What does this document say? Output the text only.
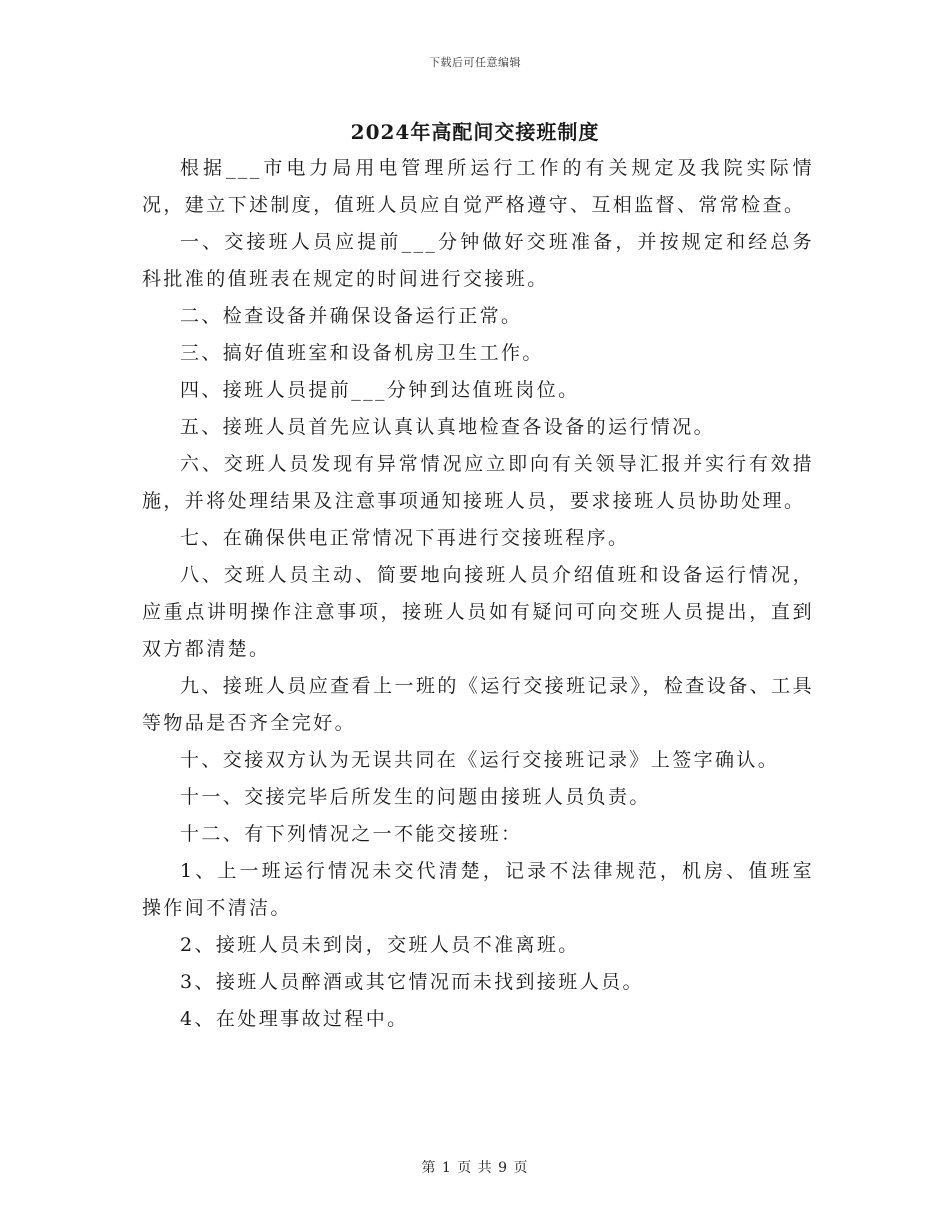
下载后可任意编辑
2024年高配间交接班制度

根据___市电力局用电管理所运行工作的有关规定及我院实际情况，建立下述制度，值班人员应自觉严格遵守、互相监督、常常检查。

一、交接班人员应提前___分钟做好交班准备，并按规定和经总务科批准的值班表在规定的时间进行交接班。

二、检查设备并确保设备运行正常。

三、搞好值班室和设备机房卫生工作。

四、接班人员提前___分钟到达值班岗位。

五、接班人员首先应认真认真地检查各设备的运行情况。

六、交班人员发现有异常情况应立即向有关领导汇报并实行有效措施，并将处理结果及注意事项通知接班人员，要求接班人员协助处理。

七、在确保供电正常情况下再进行交接班程序。

八、交班人员主动、简要地向接班人员介绍值班和设备运行情况，应重点讲明操作注意事项，接班人员如有疑问可向交班人员提出，直到双方都清楚。

九、接班人员应查看上一班的《运行交接班记录》，检查设备、工具等物品是否齐全完好。

十、交接双方认为无误共同在《运行交接班记录》上签字确认。

十一、交接完毕后所发生的问题由接班人员负责。

十二、有下列情况之一不能交接班：

1、上一班运行情况未交代清楚，记录不法律规范，机房、值班室操作间不清洁。

2、接班人员未到岗，交班人员不准离班。

3、接班人员醉酒或其它情况而未找到接班人员。

4、在处理事故过程中。

第 1 页 共 9 页
